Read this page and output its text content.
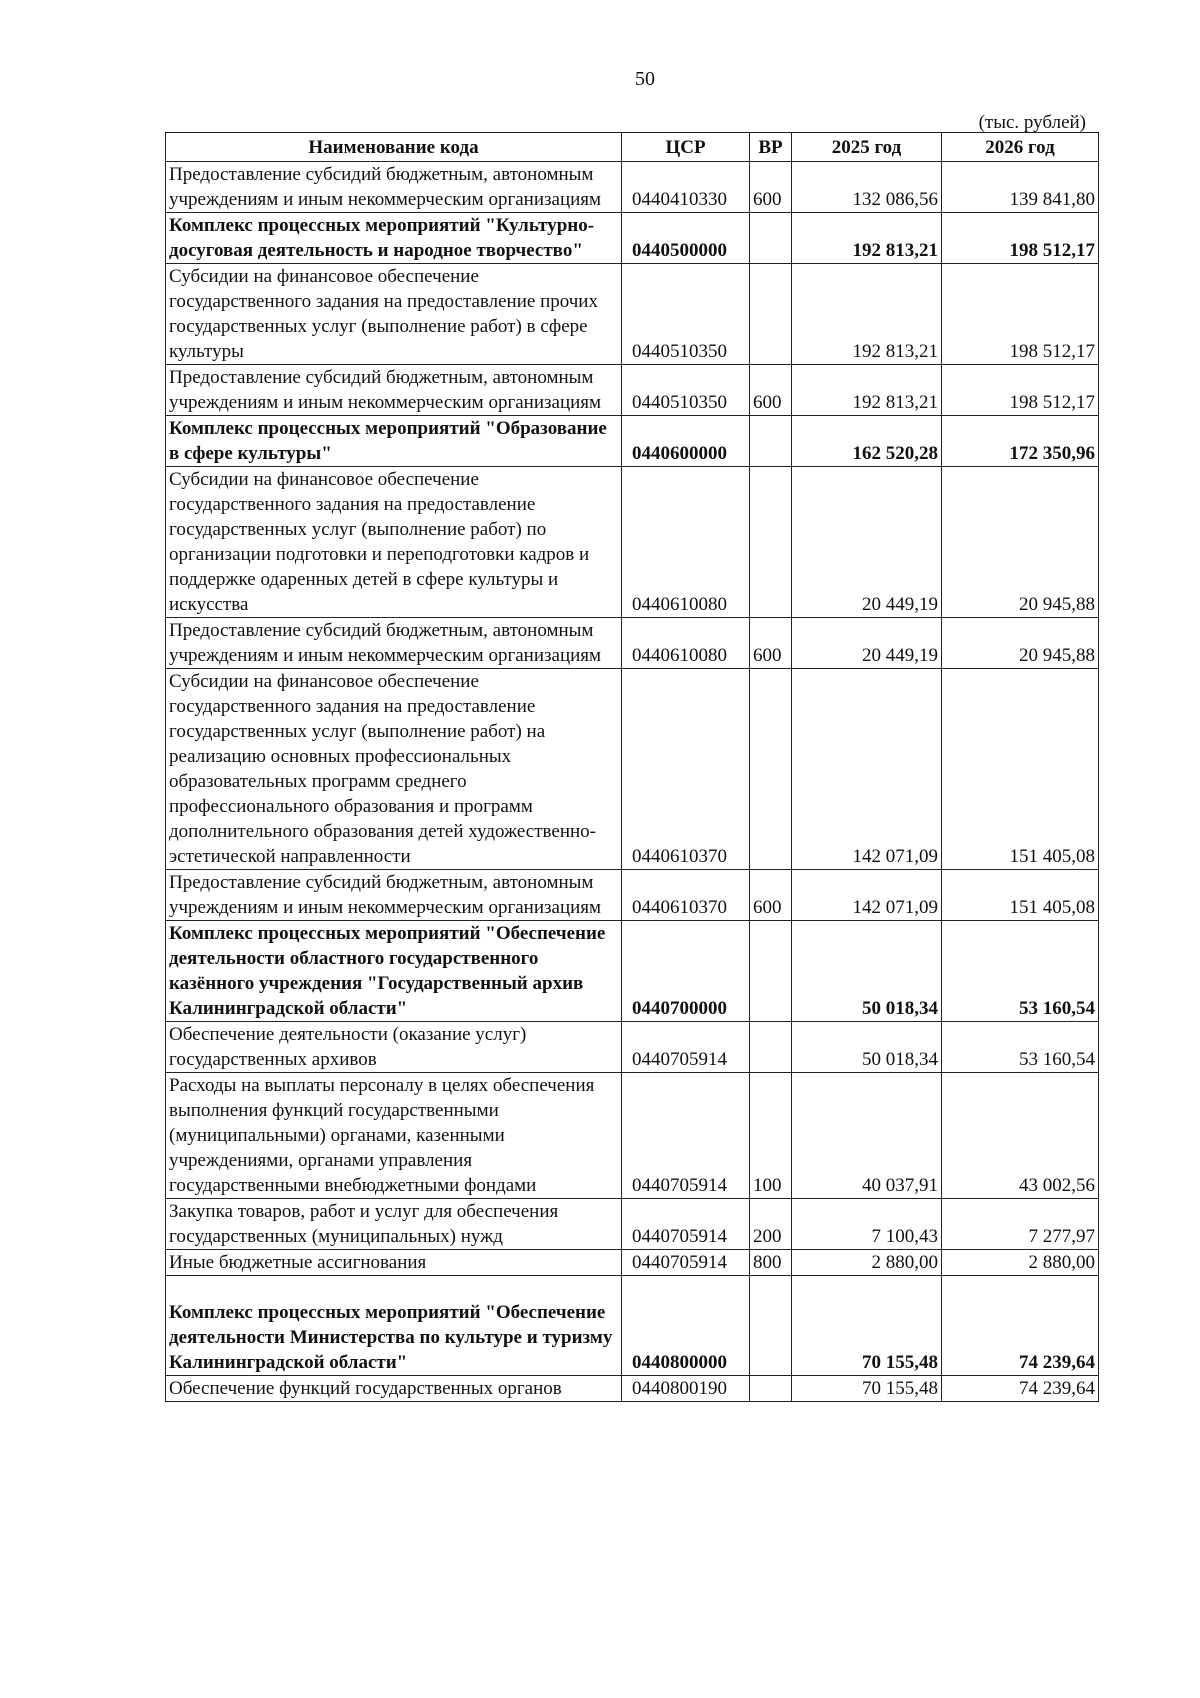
50
(тыс. рублей)
Наименование кода	ЦСР	ВР	2025 год	2026 год
Предоставление субсидий бюджетным, автономным учреждениям и иным некоммерческим организациям	0440410330	600	132 086,56	139 841,80
Комплекс процессных мероприятий "Культурно-досуговая деятельность и народное творчество"	0440500000		192 813,21	198 512,17
Субсидии на финансовое обеспечение государственного задания на предоставление прочих государственных услуг (выполнение работ) в сфере культуры	0440510350		192 813,21	198 512,17
Предоставление субсидий бюджетным, автономным учреждениям и иным некоммерческим организациям	0440510350	600	192 813,21	198 512,17
Комплекс процессных мероприятий "Образование в сфере культуры"	0440600000		162 520,28	172 350,96
Субсидии на финансовое обеспечение государственного задания на предоставление государственных услуг (выполнение работ) по организации подготовки и переподготовки кадров и поддержке одаренных детей в сфере культуры и искусства	0440610080		20 449,19	20 945,88
Предоставление субсидий бюджетным, автономным учреждениям и иным некоммерческим организациям	0440610080	600	20 449,19	20 945,88
Субсидии на финансовое обеспечение государственного задания на предоставление государственных услуг (выполнение работ) на реализацию основных профессиональных образовательных программ среднего профессионального образования и программ дополнительного образования детей художественно-эстетической направленности	0440610370		142 071,09	151 405,08
Предоставление субсидий бюджетным, автономным учреждениям и иным некоммерческим организациям	0440610370	600	142 071,09	151 405,08
Комплекс процессных мероприятий "Обеспечение деятельности областного государственного казённого учреждения "Государственный архив Калининградской области"	0440700000		50 018,34	53 160,54
Обеспечение деятельности (оказание услуг) государственных архивов	0440705914		50 018,34	53 160,54
Расходы на выплаты персоналу в целях обеспечения выполнения функций государственными (муниципальными) органами, казенными учреждениями, органами управления государственными внебюджетными фондами	0440705914	100	40 037,91	43 002,56
Закупка товаров, работ и услуг для обеспечения государственных (муниципальных) нужд	0440705914	200	7 100,43	7 277,97
Иные бюджетные ассигнования	0440705914	800	2 880,00	2 880,00
Комплекс процессных мероприятий "Обеспечение деятельности Министерства по культуре и туризму Калининградской области"	0440800000		70 155,48	74 239,64
Обеспечение функций государственных органов	0440800190		70 155,48	74 239,64
